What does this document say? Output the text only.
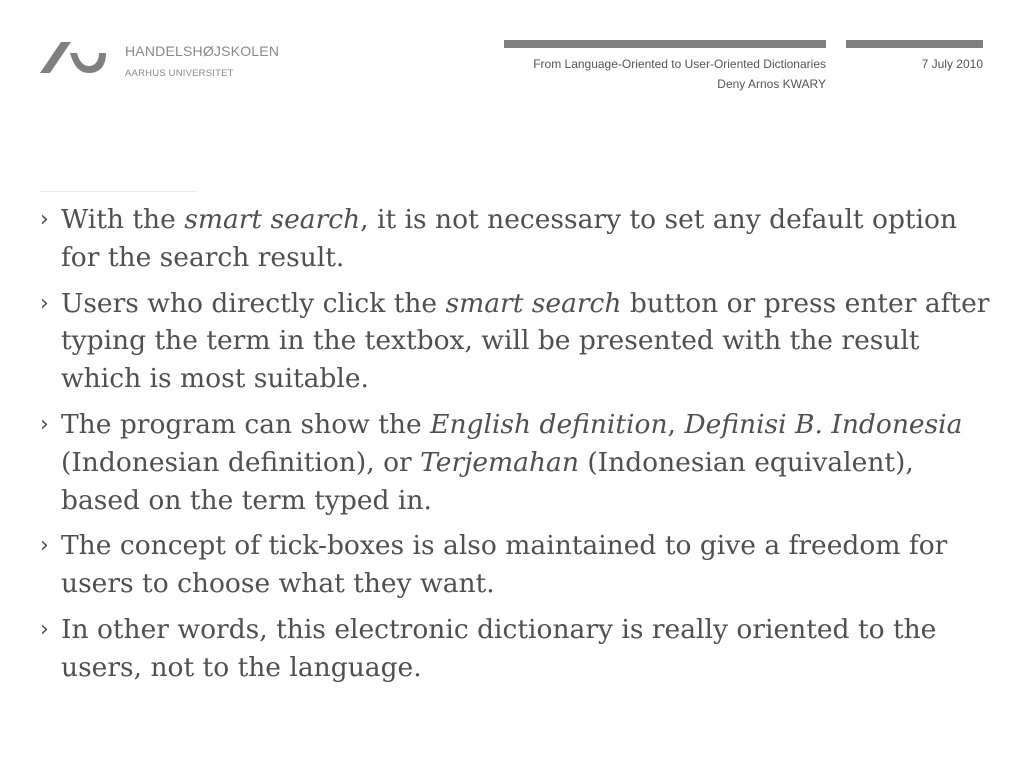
HANDELSHØJSKOLEN
AARHUS UNIVERSITET
From Language-Oriented to User-Oriented Dictionaries
Deny Arnos KWARY
7 July 2010
› With the smart search, it is not necessary to set any default option for the search result.
› Users who directly click the smart search button or press enter after typing the term in the textbox, will be presented with the result which is most suitable.
› The program can show the English definition, Definisi B. Indonesia (Indonesian definition), or Terjemahan (Indonesian equivalent), based on the term typed in.
› The concept of tick-boxes is also maintained to give a freedom for users to choose what they want.
› In other words, this electronic dictionary is really oriented to the users, not to the language.
